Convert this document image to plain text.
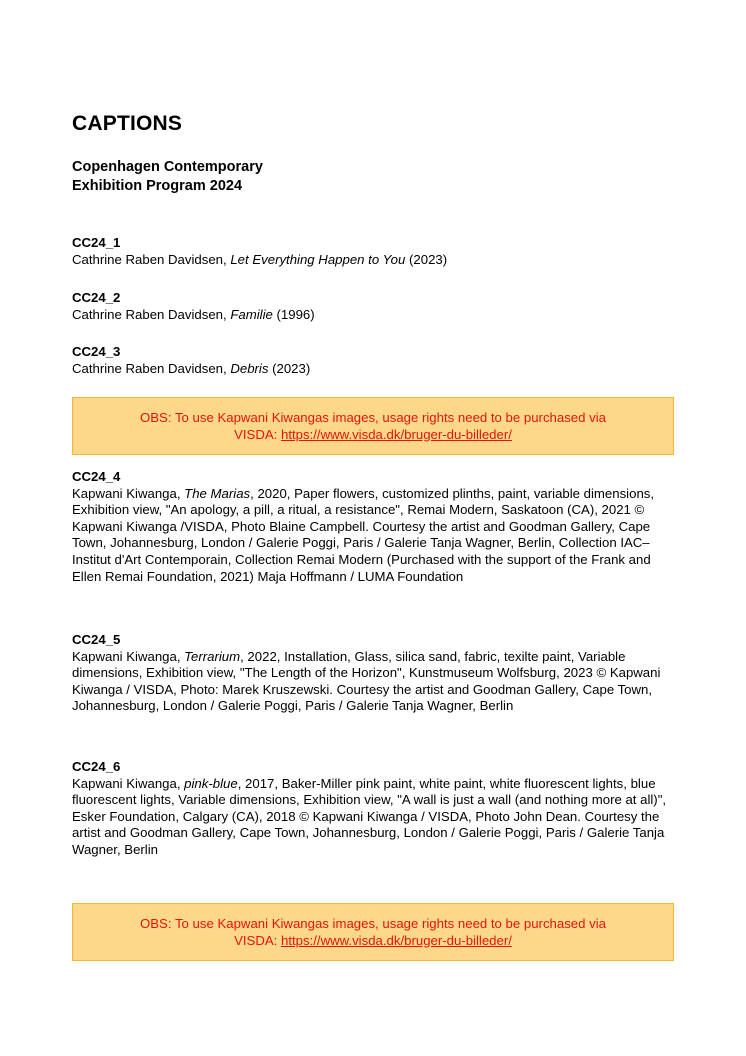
CAPTIONS
Copenhagen Contemporary
Exhibition Program 2024
CC24_1
Cathrine Raben Davidsen, Let Everything Happen to You (2023)
CC24_2
Cathrine Raben Davidsen, Familie (1996)
CC24_3
Cathrine Raben Davidsen, Debris (2023)
OBS: To use Kapwani Kiwangas images, usage rights need to be purchased via
VISDA: https://www.visda.dk/bruger-du-billeder/
CC24_4
Kapwani Kiwanga, The Marias, 2020, Paper flowers, customized plinths, paint, variable dimensions, Exhibition view, "An apology, a pill, a ritual, a resistance", Remai Modern, Saskatoon (CA), 2021 © Kapwani Kiwanga /VISDA, Photo Blaine Campbell. Courtesy the artist and Goodman Gallery, Cape Town, Johannesburg, London / Galerie Poggi, Paris / Galerie Tanja Wagner, Berlin, Collection IAC–Institut d'Art Contemporain, Collection Remai Modern (Purchased with the support of the Frank and Ellen Remai Foundation, 2021) Maja Hoffmann / LUMA Foundation
CC24_5
Kapwani Kiwanga, Terrarium, 2022, Installation, Glass, silica sand, fabric, texilte paint, Variable dimensions, Exhibition view, "The Length of the Horizon", Kunstmuseum Wolfsburg, 2023 © Kapwani Kiwanga / VISDA, Photo: Marek Kruszewski. Courtesy the artist and Goodman Gallery, Cape Town, Johannesburg, London / Galerie Poggi, Paris / Galerie Tanja Wagner, Berlin
CC24_6
Kapwani Kiwanga, pink-blue, 2017, Baker-Miller pink paint, white paint, white fluorescent lights, blue fluorescent lights, Variable dimensions, Exhibition view, "A wall is just a wall (and nothing more at all)", Esker Foundation, Calgary (CA), 2018 © Kapwani Kiwanga / VISDA, Photo John Dean. Courtesy the artist and Goodman Gallery, Cape Town, Johannesburg, London / Galerie Poggi, Paris / Galerie Tanja Wagner, Berlin
OBS: To use Kapwani Kiwangas images, usage rights need to be purchased via
VISDA: https://www.visda.dk/bruger-du-billeder/
